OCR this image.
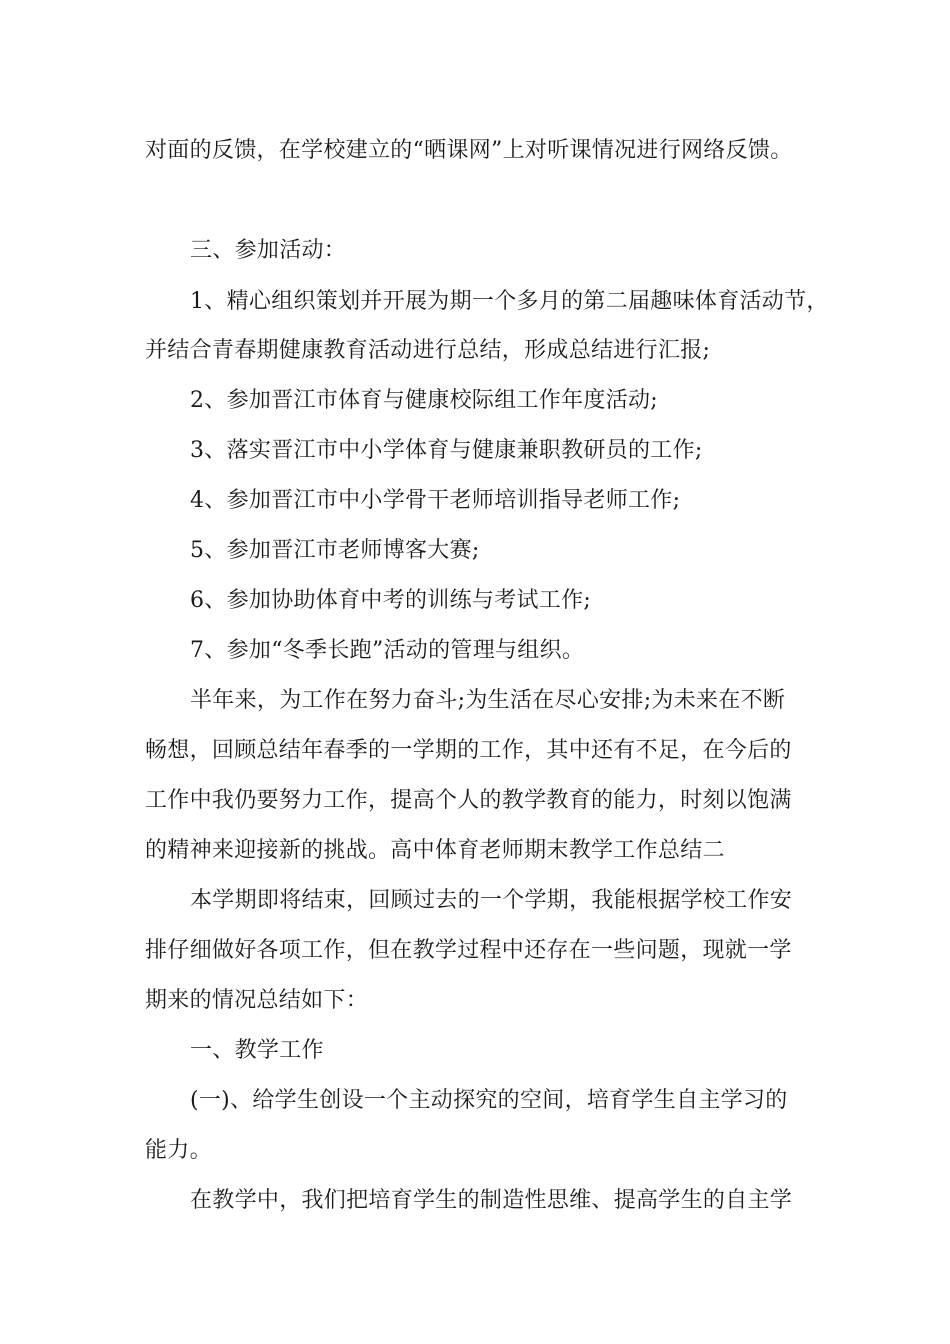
对面的反馈，在学校建立的“晒课网”上对听课情况进行网络反馈。
三、参加活动：
1、精心组织策划并开展为期一个多月的第二届趣味体育活动节，
并结合青春期健康教育活动进行总结，形成总结进行汇报;
2、参加晋江市体育与健康校际组工作年度活动;
3、落实晋江市中小学体育与健康兼职教研员的工作;
4、参加晋江市中小学骨干老师培训指导老师工作;
5、参加晋江市老师博客大赛;
6、参加协助体育中考的训练与考试工作;
7、参加“冬季长跑”活动的管理与组织。
半年来，为工作在努力奋斗;为生活在尽心安排;为未来在不断
畅想，回顾总结年春季的一学期的工作，其中还有不足，在今后的
工作中我仍要努力工作，提高个人的教学教育的能力，时刻以饱满
的精神来迎接新的挑战。高中体育老师期末教学工作总结二
本学期即将结束，回顾过去的一个学期，我能根据学校工作安
排仔细做好各项工作，但在教学过程中还存在一些问题，现就一学
期来的情况总结如下：
一、教学工作
(一)、给学生创设一个主动探究的空间，培育学生自主学习的
能力。
在教学中，我们把培育学生的制造性思维、提高学生的自主学
